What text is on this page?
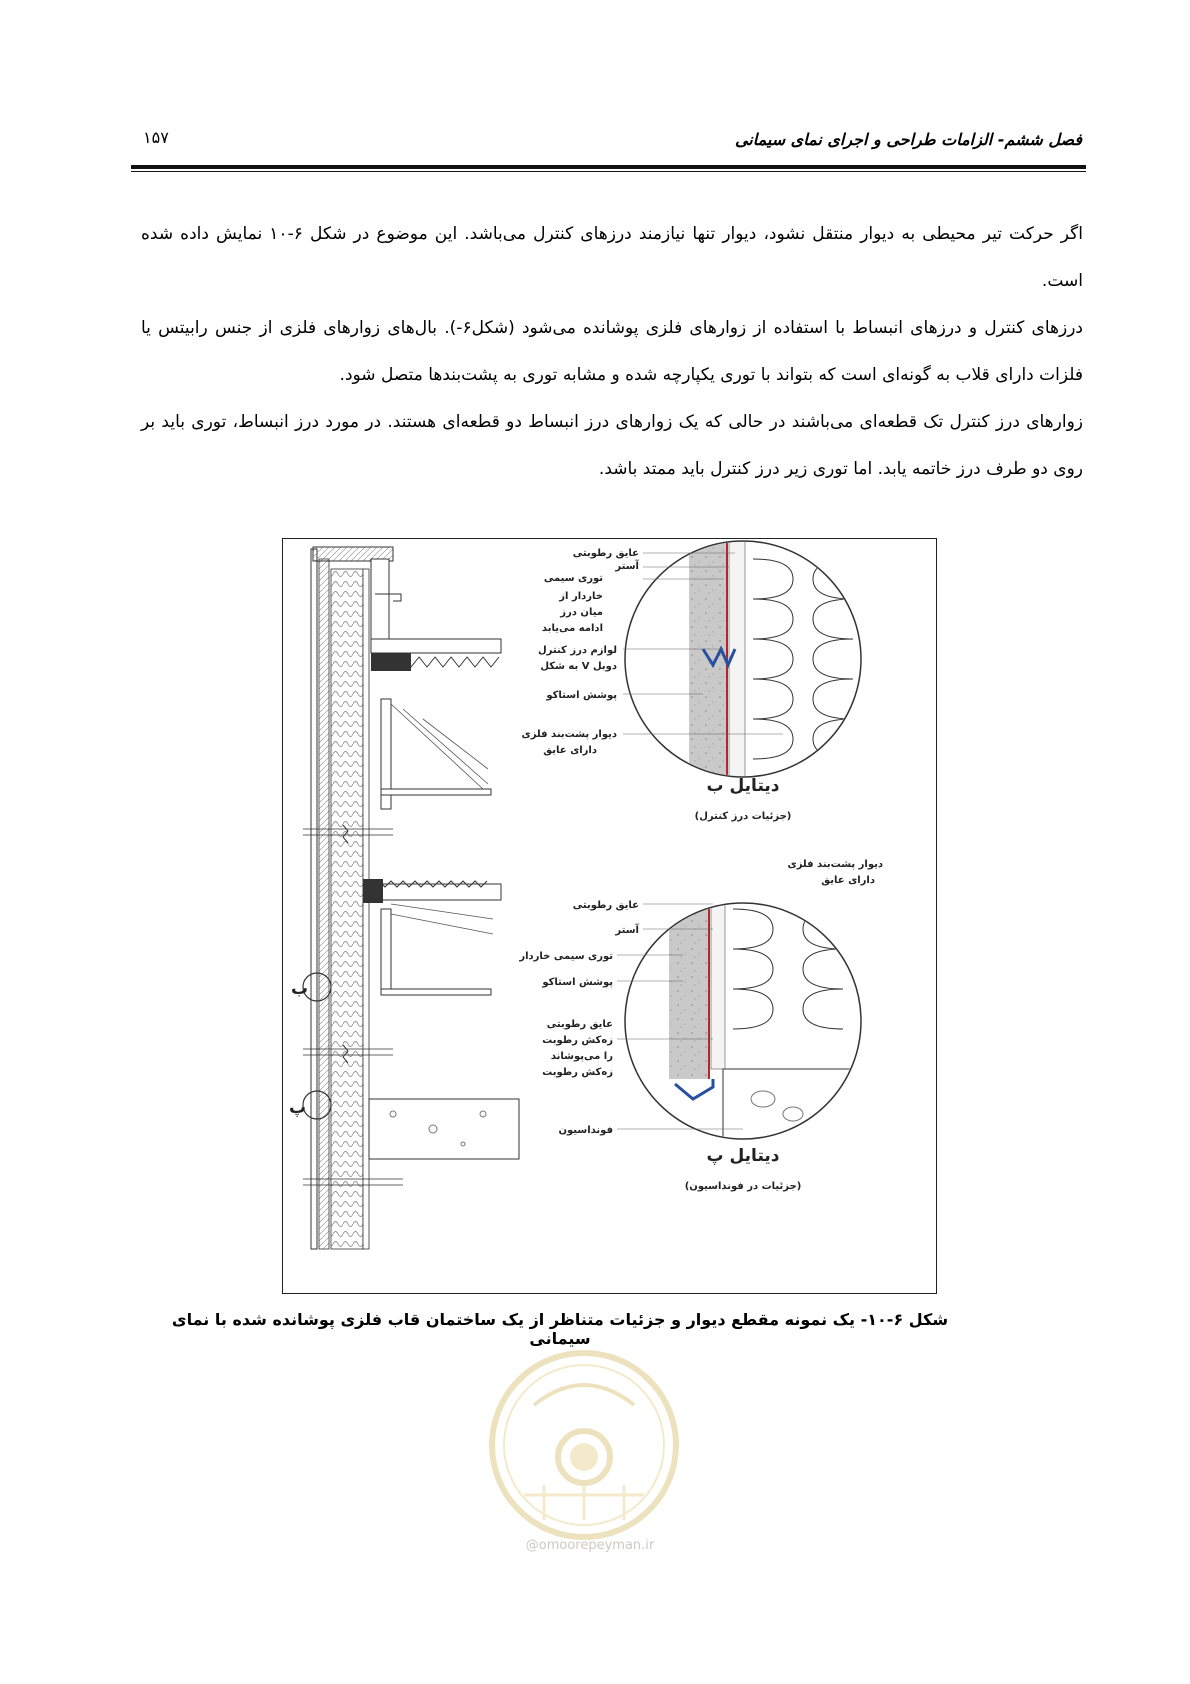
فصل ششم- الزامات طراحی و اجرای نمای سیمانی
۱۵۷

اگر حرکت تیر محیطی به دیوار منتقل نشود، دیوار تنها نیازمند درزهای کنترل می‌باشد. این موضوع در شکل ۶-۱۰ نمایش داده شده است.

درزهای کنترل و درزهای انبساط با استفاده از زوارهای فلزی پوشانده می‌شود (شکل۶-). بال‌های زوارهای فلزی از جنس رابیتس یا فلزات دارای قلاب به گونه‌ای است که بتواند با توری یکپارچه شده و مشابه توری به پشت‌بندها متصل شود.

زوارهای درز کنترل تک قطعه‌ای می‌باشند در حالی که یک زوارهای درز انبساط دو قطعه‌ای هستند. در مورد درز انبساط، توری باید بر روی دو طرف درز خاتمه یابد. اما توری زیر درز کنترل باید ممتد باشد.

ب
پ
عایق رطوبتی
آستر
توری سیمی
خاردار از
میان درز
ادامه می‌یابد
لوازم درز کنترل
به شکل V دوبل
پوشش استاکو
دیوار پشت‌بند فلزی
دارای عایق
دیتایل ب
(جزئیات درز کنترل)
دیوار پشت‌بند فلزی
دارای عایق
عایق رطوبتی
آستر
توری سیمی خاردار
پوشش استاکو
عایق رطوبتی
زه‌کش رطوبت
را می‌پوشاند
زه‌کش رطوبت
فونداسیون
دیتایل پ
(جزئیات در فونداسیون)
شکل ۶-۱۰- یک نمونه مقطع دیوار و جزئیات متناظر از یک ساختمان قاب فلزی پوشانده شده با نمای سیمانی
@omoorepeyman.ir
